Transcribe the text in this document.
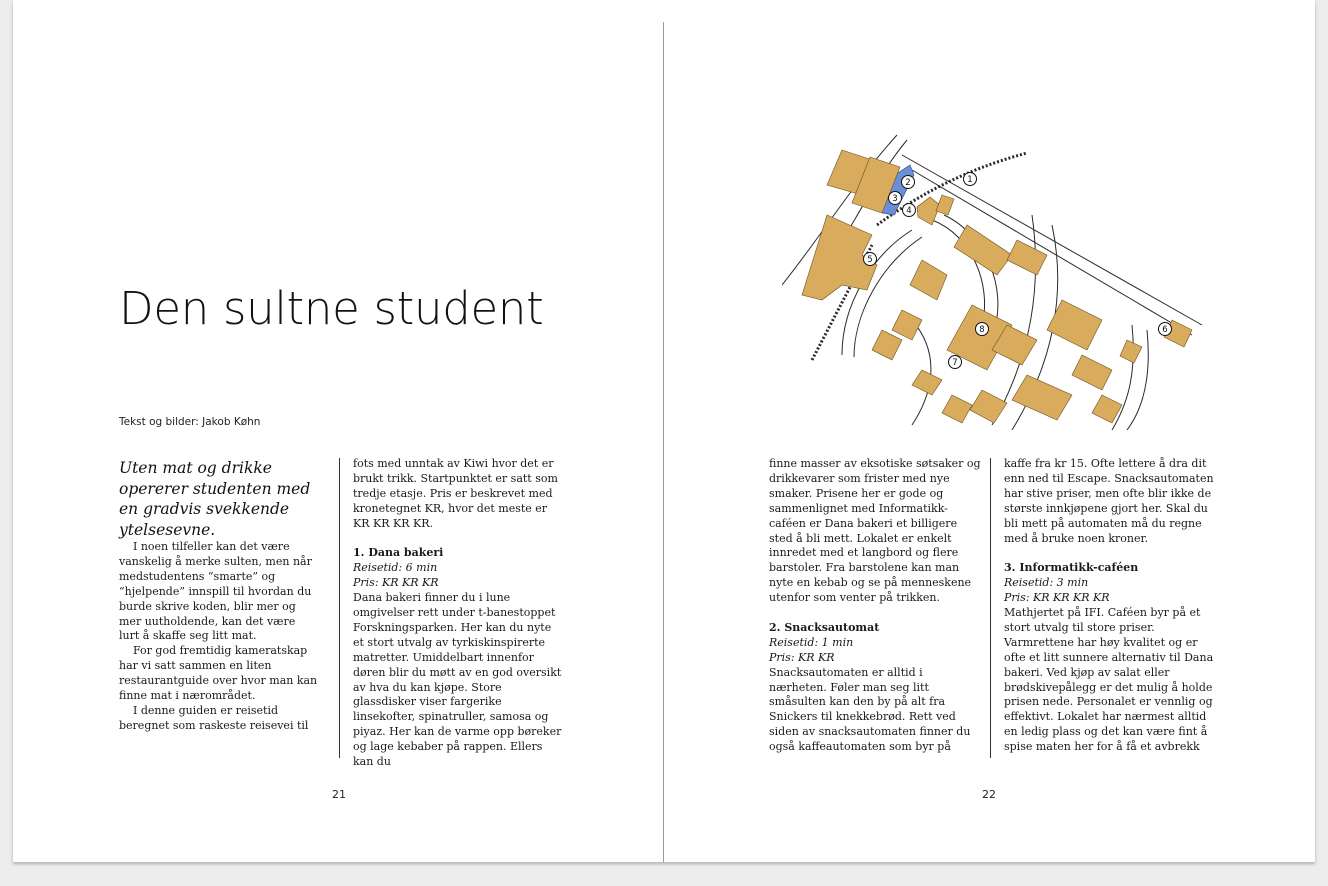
Den sultne student

Tekst og bilder: Jakob Køhn

Uten mat og drikke opererer studenten med en gradvis svekkende ytelsesevne.

I noen tilfeller kan det være vanskelig å merke sulten, men når medstudentens “smarte” og “hjelpende” innspill til hvordan du burde skrive koden, blir mer og mer uutholdende, kan det være lurt å skaffe seg litt mat.

For god fremtidig kameratskap har vi satt sammen en liten restaurantguide over hvor man kan finne mat i nærområdet.

I denne guiden er reisetid beregnet som raskeste reisevei til

fots med unntak av Kiwi hvor det er brukt trikk. Startpunktet er satt som tredje etasje. Pris er beskrevet med kronetegnet KR, hvor det meste er KR KR KR KR.

1. Dana bakeri

Reisetid: 6 min

Pris: KR KR KR

Dana bakeri finner du i lune omgivelser rett under t-banestoppet Forskningsparken. Her kan du nyte et stort utvalg av tyrkiskinspirerte matretter. Umiddelbart innenfor døren blir du møtt av en god oversikt av hva du kan kjøpe. Store glassdisker viser fargerike linsekofter, spinatruller, samosa og piyaz. Her kan de varme opp børeker og lage kebaber på rappen. Ellers kan du

21
1
2
3
4
5
6
7
8

finne masser av eksotiske søtsaker og drikkevarer som frister med nye smaker. Prisene her er gode og sammenlignet med Informatikk-caféen er Dana bakeri et billigere sted å bli mett. Lokalet er enkelt innredet med et langbord og flere barstoler. Fra barstolene kan man nyte en kebab og se på menneskene utenfor som venter på trikken.

2. Snacksautomat

Reisetid: 1 min

Pris: KR KR

Snacksautomaten er alltid i nærheten. Føler man seg litt småsulten kan den by på alt fra Snickers til knekkebrød. Rett ved siden av snacksautomaten finner du også kaffeautomaten som byr på

kaffe fra kr 15. Ofte lettere å dra dit enn ned til Escape. Snacksautomaten har stive priser, men ofte blir ikke de største innkjøpene gjort her. Skal du bli mett på automaten må du regne med å bruke noen kroner.

3. Informatikk-caféen

Reisetid: 3 min

Pris: KR KR KR KR

Mathjertet på IFI. Caféen byr på et stort utvalg til store priser. Varmrettene har høy kvalitet og er ofte et litt sunnere alternativ til Dana bakeri. Ved kjøp av salat eller brødskivepålegg er det mulig å holde prisen nede. Personalet er vennlig og effektivt. Lokalet har nærmest alltid en ledig plass og det kan være fint å spise maten her for å få et avbrekk

22
